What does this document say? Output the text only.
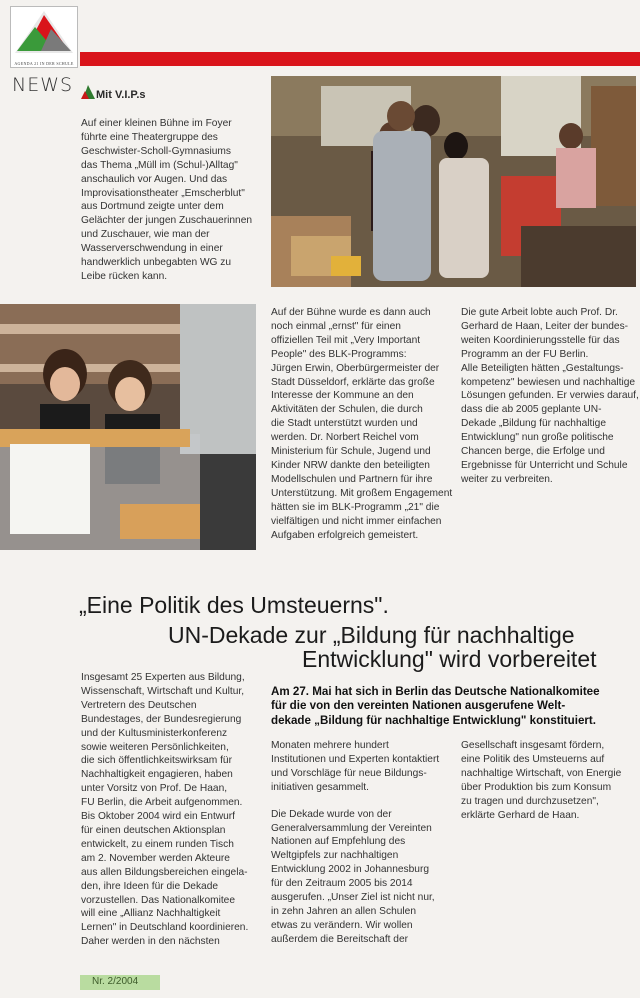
AGENDA 21 IN DER SCHULE
NEWS Mit V.I.P.s
Auf einer kleinen Bühne im Foyer
führte eine Theatergruppe des
Geschwister-Scholl-Gymnasiums
das Thema „Müll im (Schul-)Alltag"
anschaulich vor Augen. Und das
Improvisationstheater „Emscherblut"
aus Dortmund zeigte unter dem
Gelächter der jungen Zuschauerinnen
und Zuschauer, wie man der
Wasserverschwendung in einer
handwerklich unbegabten WG zu
Leibe rücken kann.
Auf der Bühne wurde es dann auch
noch einmal „ernst" für einen
offiziellen Teil mit „Very Important
People" des BLK-Programms:
Jürgen Erwin, Oberbürgermeister der
Stadt Düsseldorf, erklärte das große
Interesse der Kommune an den
Aktivitäten der Schulen, die durch
die Stadt unterstützt wurden und
werden. Dr. Norbert Reichel vom
Ministerium für Schule, Jugend und
Kinder NRW dankte den beteiligten
Modellschulen und Partnern für ihre
Unterstützung. Mit großem Engagement
hätten sie im BLK-Programm „21" die
vielfältigen und nicht immer einfachen
Aufgaben erfolgreich gemeistert.
Die gute Arbeit lobte auch Prof. Dr.
Gerhard de Haan, Leiter der bundes-
weiten Koordinierungsstelle für das
Programm an der FU Berlin.
Alle Beteiligten hätten „Gestaltungs-
kompetenz" bewiesen und nachhaltige
Lösungen gefunden. Er verwies darauf,
dass die ab 2005 geplante UN-
Dekade „Bildung für nachhaltige
Entwicklung" nun große politische
Chancen berge, die Erfolge und
Ergebnisse für Unterricht und Schule
weiter zu verbreiten.
„Eine Politik des Umsteuerns".
UN-Dekade zur „Bildung für nachhaltige
Entwicklung" wird vorbereitet
Am 27. Mai hat sich in Berlin das Deutsche Nationalkomitee
für die von den vereinten Nationen ausgerufene Welt-
dekade „Bildung für nachhaltige Entwicklung" konstituiert.
Insgesamt 25 Experten aus Bildung,
Wissenschaft, Wirtschaft und Kultur,
Vertretern des Deutschen
Bundestages, der Bundesregierung
und der Kultusministerkonferenz
sowie weiteren Persönlichkeiten,
die sich öffentlichkeitswirksam für
Nachhaltigkeit engagieren, haben
unter Vorsitz von Prof. De Haan,
FU Berlin, die Arbeit aufgenommen.
Bis Oktober 2004 wird ein Entwurf
für einen deutschen Aktionsplan
entwickelt, zu einem runden Tisch
am 2. November werden Akteure
aus allen Bildungsbereichen eingela-
den, ihre Ideen für die Dekade
vorzustellen. Das Nationalkomitee
will eine „Allianz Nachhaltigkeit
Lernen" in Deutschland koordinieren.
Daher werden in den nächsten
Monaten mehrere hundert
Institutionen und Experten kontaktiert
und Vorschläge für neue Bildungs-
initiativen gesammelt.
Die Dekade wurde von der
Generalversammlung der Vereinten
Nationen auf Empfehlung des
Weltgipfels zur nachhaltigen
Entwicklung 2002 in Johannesburg
für den Zeitraum 2005 bis 2014
ausgerufen. „Unser Ziel ist nicht nur,
in zehn Jahren an allen Schulen
etwas zu verändern. Wir wollen
außerdem die Bereitschaft der
Gesellschaft insgesamt fördern,
eine Politik des Umsteuerns auf
nachhaltige Wirtschaft, von Energie
über Produktion bis zum Konsum
zu tragen und durchzusetzen",
erklärte Gerhard de Haan.
Nr. 2/2004
